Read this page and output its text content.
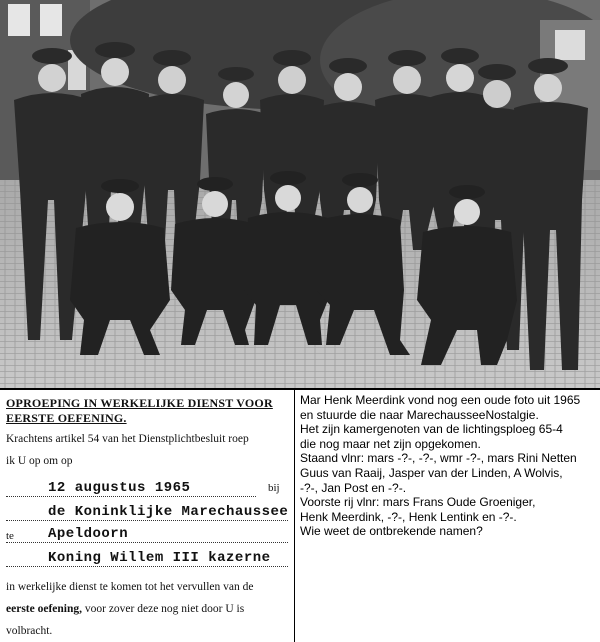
OPROEPING IN WERKELIJKE DIENST VOOR EERSTE OEFENING.
Krachtens artikel 54 van het Dienstplichtbesluit roep
ik U op om op
12 augustus 1965	bij
de Koninklijke Marechaussee
te Apeldoorn
Koning Willem III kazerne
in werkelijke dienst te komen tot het vervullen van de
eerste oefening, voor zover deze nog niet door U is
volbracht.
Mar Henk Meerdink vond nog een oude foto uit 1965
en stuurde die naar MarechausseeNostalgie.
Het zijn kamergenoten van de lichtingsploeg 65-4
die nog maar net zijn opgekomen.
Staand vlnr: mars -?-, -?-, wmr -?-, mars Rini Netten
Guus van Raaij, Jasper van der Linden, A Wolvis,
-?-, Jan Post en -?-.
Voorste rij vlnr: mars Frans Oude Groeniger,
Henk Meerdink, -?-, Henk Lentink en -?-.
Wie weet de ontbrekende namen?
